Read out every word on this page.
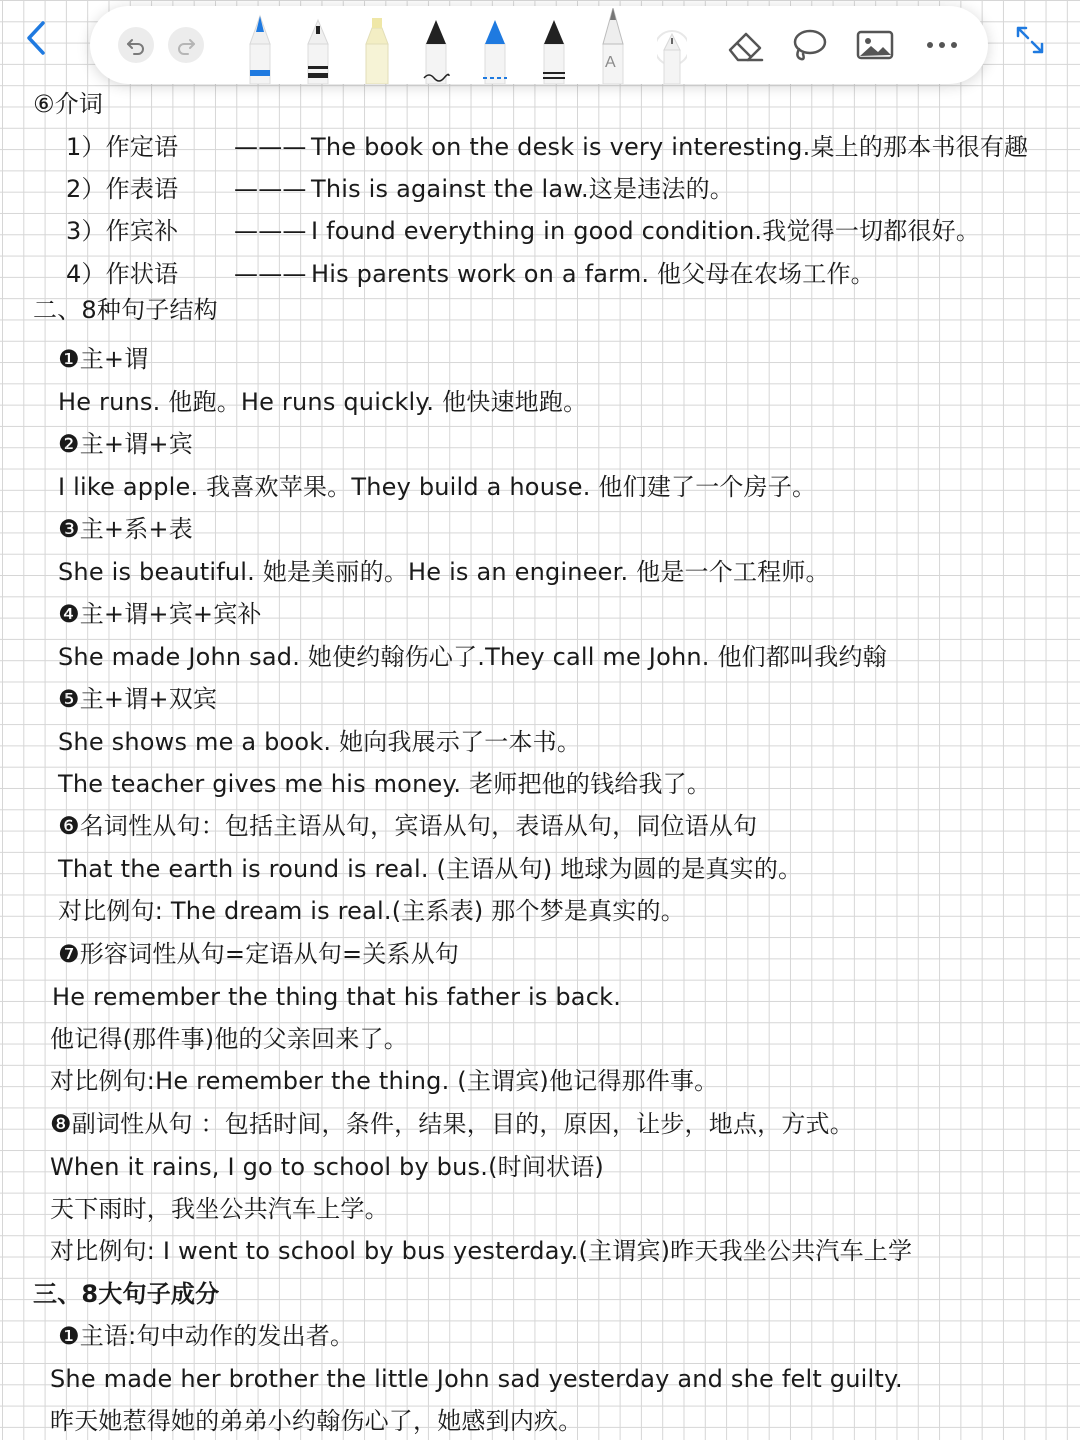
A
⑥介词
1）作定语 ——— The book on the desk is very interesting.桌上的那本书很有趣
2）作表语 ——— This is against the law.这是违法的。
3）作宾补 ——— I found everything in good condition.我觉得一切都很好。
4）作状语 ——— His parents work on a farm. 他父母在农场工作。
二、8种句子结构
❶主+谓
He runs. 他跑。He runs quickly. 他快速地跑。
❷主+谓+宾
I like apple. 我喜欢苹果。They build a house. 他们建了一个房子。
❸主+系+表
She is beautiful. 她是美丽的。He is an engineer. 他是一个工程师。
❹主+谓+宾+宾补
She made John sad. 她使约翰伤心了.They call me John. 他们都叫我约翰
❺主+谓+双宾
She shows me a book. 她向我展示了一本书。
The teacher gives me his money. 老师把他的钱给我了。
❻名词性从句：包括主语从句，宾语从句，表语从句，同位语从句
That the earth is round is real. (主语从句) 地球为圆的是真实的。
对比例句: The dream is real.(主系表) 那个梦是真实的。
❼形容词性从句=定语从句=关系从句
He remember the thing that his father is back.
他记得(那件事)他的父亲回来了。
对比例句:He remember the thing. (主谓宾)他记得那件事。
❽副词性从句 ：包括时间，条件，结果，目的，原因，让步，地点，方式。
When it rains, I go to school by bus.(时间状语)
天下雨时，我坐公共汽车上学。
对比例句: I went to school by bus yesterday.(主谓宾)昨天我坐公共汽车上学
三、8大句子成分
❶主语:句中动作的发出者。
She made her brother the little John sad yesterday and she felt guilty.
昨天她惹得她的弟弟小约翰伤心了，她感到内疚。
